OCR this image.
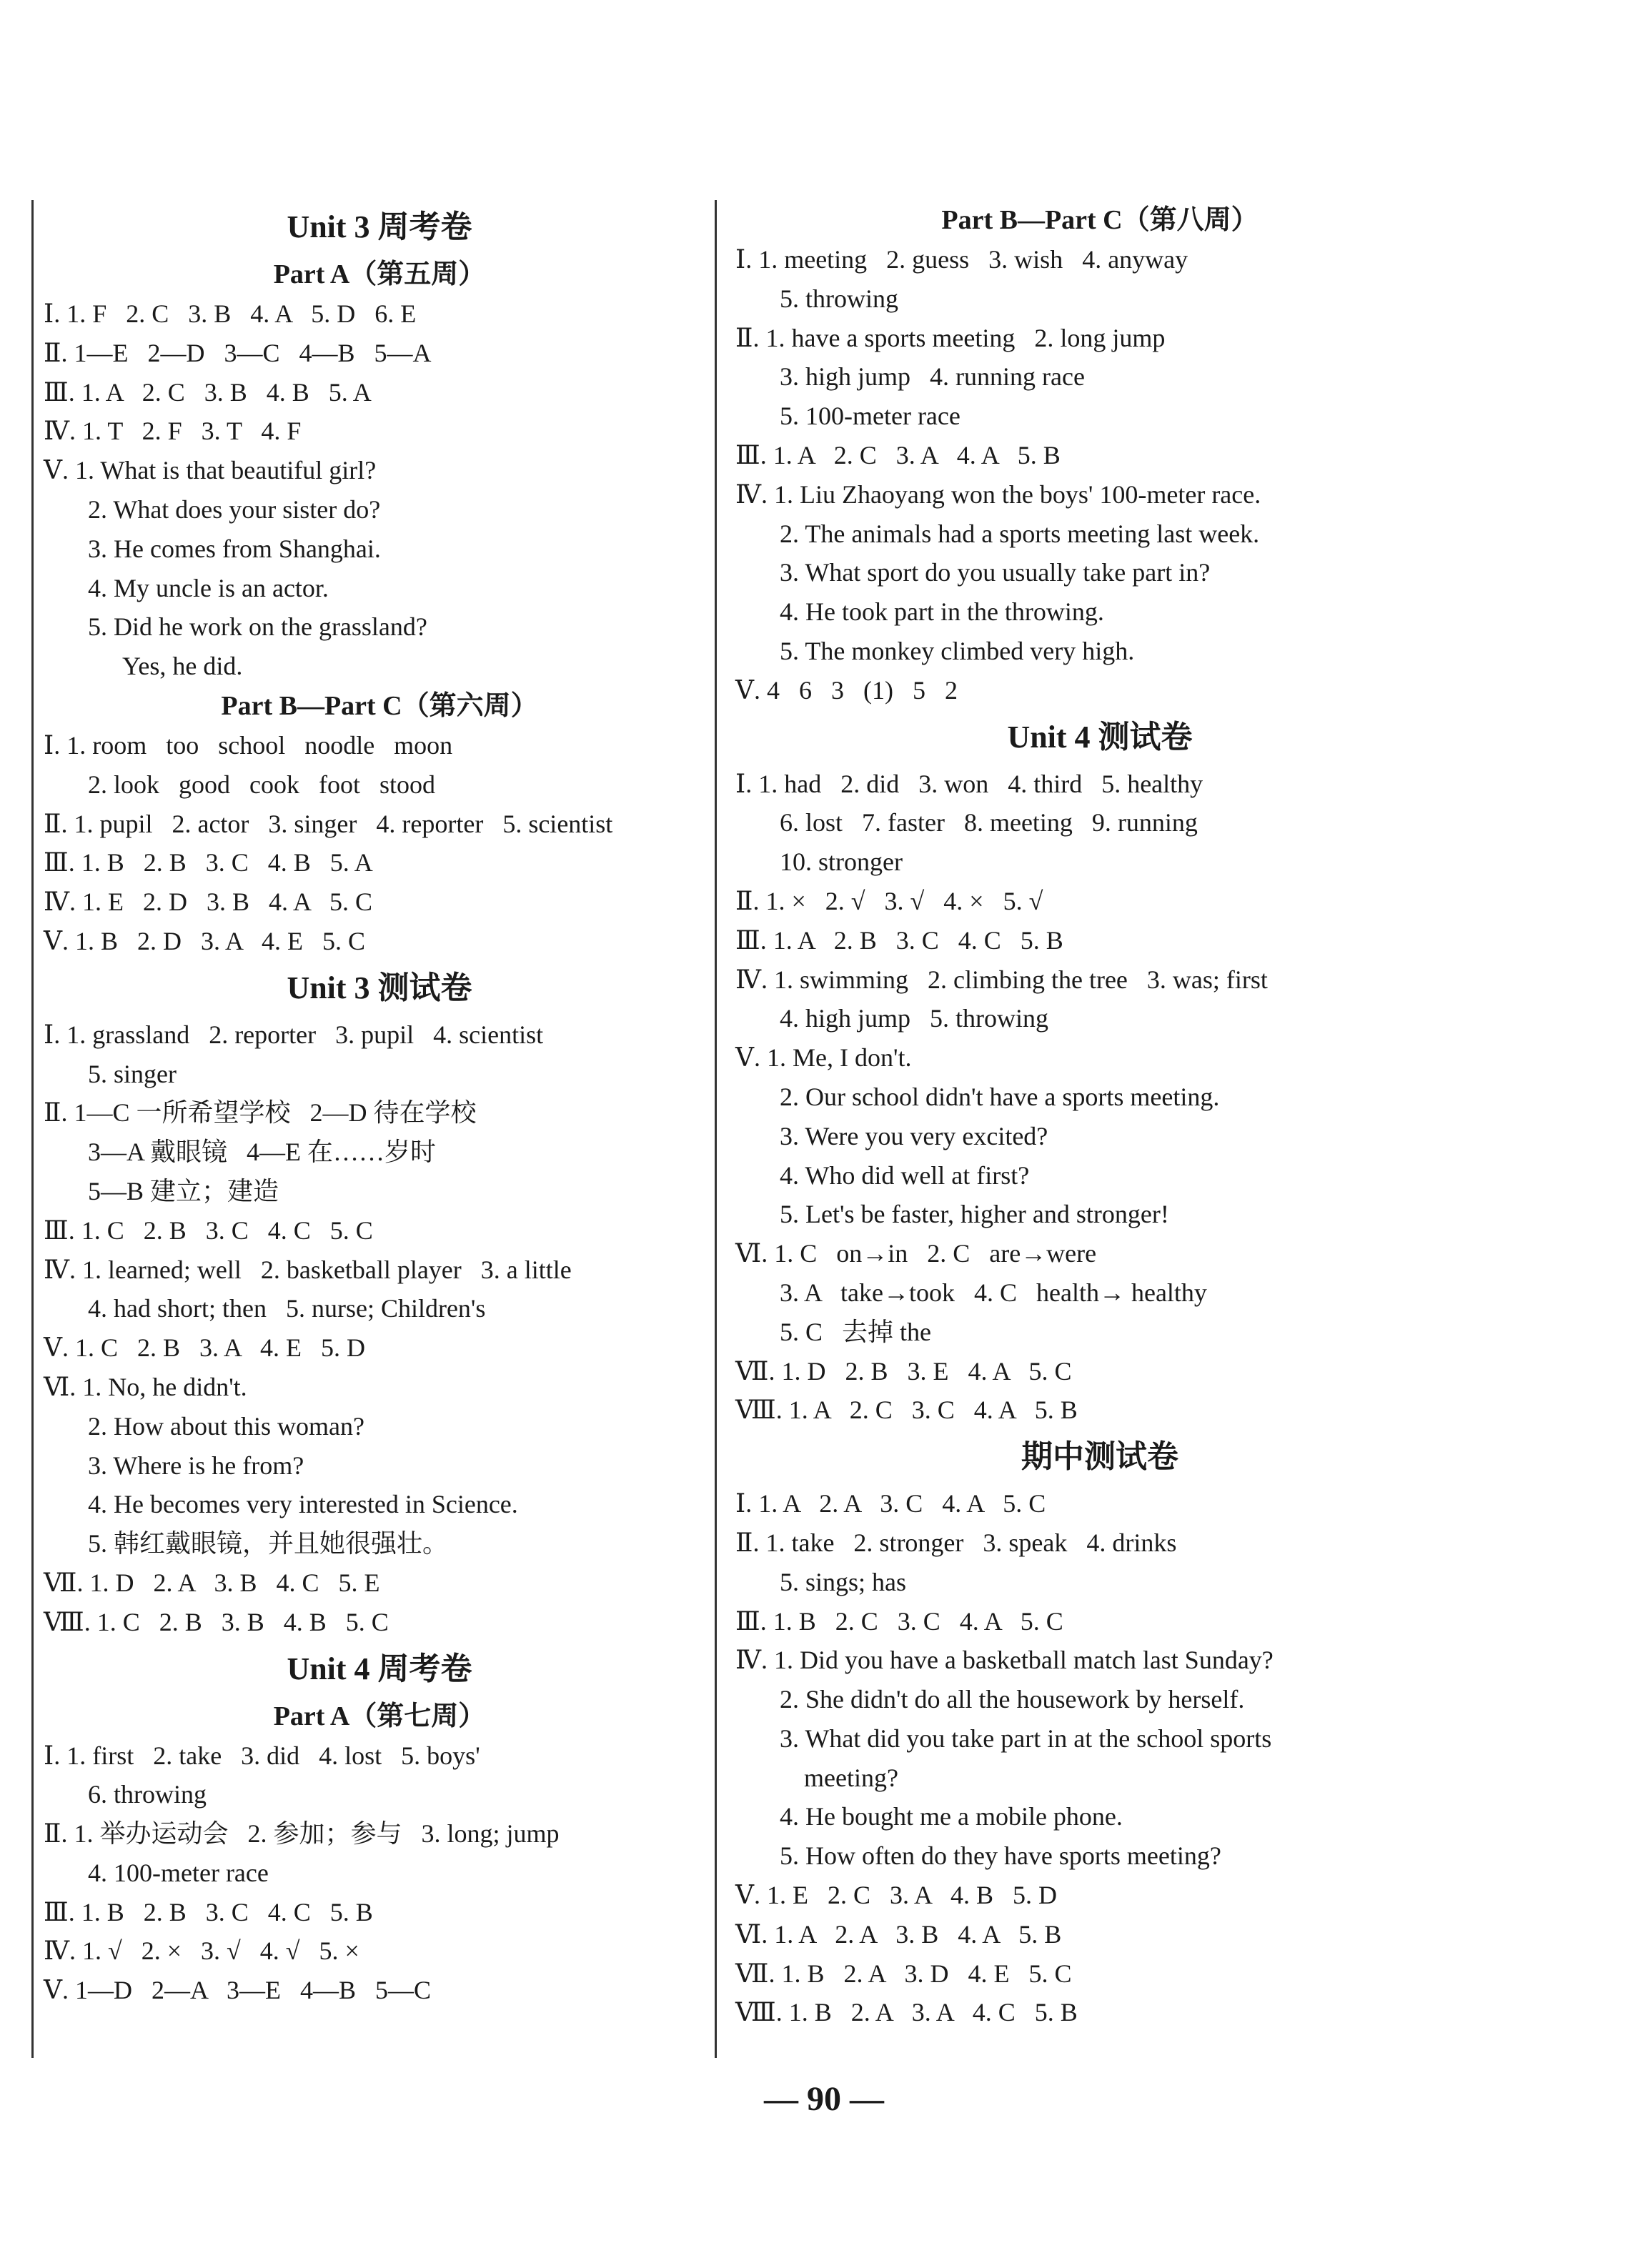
Unit 3 周考卷
Part A（第五周）
Ⅰ. 1. F   2. C   3. B   4. A   5. D   6. E
Ⅱ. 1—E   2—D   3—C   4—B   5—A
Ⅲ. 1. A   2. C   3. B   4. B   5. A
Ⅳ. 1. T   2. F   3. T   4. F
Ⅴ. 1. What is that beautiful girl?
2. What does your sister do?
3. He comes from Shanghai.
4. My uncle is an actor.
5. Did he work on the grassland?
Yes, he did.
Part B—Part C（第六周）
Ⅰ. 1. room   too   school   noodle   moon
2. look   good   cook   foot   stood
Ⅱ. 1. pupil   2. actor   3. singer   4. reporter   5. scientist
Ⅲ. 1. B   2. B   3. C   4. B   5. A
Ⅳ. 1. E   2. D   3. B   4. A   5. C
Ⅴ. 1. B   2. D   3. A   4. E   5. C
Unit 3 测试卷
Ⅰ. 1. grassland   2. reporter   3. pupil   4. scientist
5. singer
Ⅱ. 1—C 一所希望学校   2—D 待在学校
3—A 戴眼镜   4—E 在……岁时
5—B 建立；建造
Ⅲ. 1. C   2. B   3. C   4. C   5. C
Ⅳ. 1. learned; well   2. basketball player   3. a little
4. had short; then   5. nurse; Children's
Ⅴ. 1. C   2. B   3. A   4. E   5. D
Ⅵ. 1. No, he didn't.
2. How about this woman?
3. Where is he from?
4. He becomes very interested in Science.
5. 韩红戴眼镜，并且她很强壮。
Ⅶ. 1. D   2. A   3. B   4. C   5. E
Ⅷ. 1. C   2. B   3. B   4. B   5. C
Unit 4 周考卷
Part A（第七周）
Ⅰ. 1. first   2. take   3. did   4. lost   5. boys'
6. throwing
Ⅱ. 1. 举办运动会   2. 参加；参与   3. long; jump
4. 100-meter race
Ⅲ. 1. B   2. B   3. C   4. C   5. B
Ⅳ. 1. √   2. ×   3. √   4. √   5. ×
Ⅴ. 1—D   2—A   3—E   4—B   5—C
Part B—Part C（第八周）
Ⅰ. 1. meeting   2. guess   3. wish   4. anyway
5. throwing
Ⅱ. 1. have a sports meeting   2. long jump
3. high jump   4. running race
5. 100-meter race
Ⅲ. 1. A   2. C   3. A   4. A   5. B
Ⅳ. 1. Liu Zhaoyang won the boys' 100-meter race.
2. The animals had a sports meeting last week.
3. What sport do you usually take part in?
4. He took part in the throwing.
5. The monkey climbed very high.
Ⅴ. 4   6   3   (1)   5   2
Unit 4 测试卷
Ⅰ. 1. had   2. did   3. won   4. third   5. healthy
6. lost   7. faster   8. meeting   9. running
10. stronger
Ⅱ. 1. ×   2. √   3. √   4. ×   5. √
Ⅲ. 1. A   2. B   3. C   4. C   5. B
Ⅳ. 1. swimming   2. climbing the tree   3. was; first
4. high jump   5. throwing
Ⅴ. 1. Me, I don't.
2. Our school didn't have a sports meeting.
3. Were you very excited?
4. Who did well at first?
5. Let's be faster, higher and stronger!
Ⅵ. 1. C   on→in   2. C   are→were
3. A   take→took   4. C   health→ healthy
5. C   去掉 the
Ⅶ. 1. D   2. B   3. E   4. A   5. C
Ⅷ. 1. A   2. C   3. C   4. A   5. B
期中测试卷
Ⅰ. 1. A   2. A   3. C   4. A   5. C
Ⅱ. 1. take   2. stronger   3. speak   4. drinks
5. sings; has
Ⅲ. 1. B   2. C   3. C   4. A   5. C
Ⅳ. 1. Did you have a basketball match last Sunday?
2. She didn't do all the housework by herself.
3. What did you take part in at the school sports
meeting?
4. He bought me a mobile phone.
5. How often do they have sports meeting?
Ⅴ. 1. E   2. C   3. A   4. B   5. D
Ⅵ. 1. A   2. A   3. B   4. A   5. B
Ⅶ. 1. B   2. A   3. D   4. E   5. C
Ⅷ. 1. B   2. A   3. A   4. C   5. B
— 90 —
